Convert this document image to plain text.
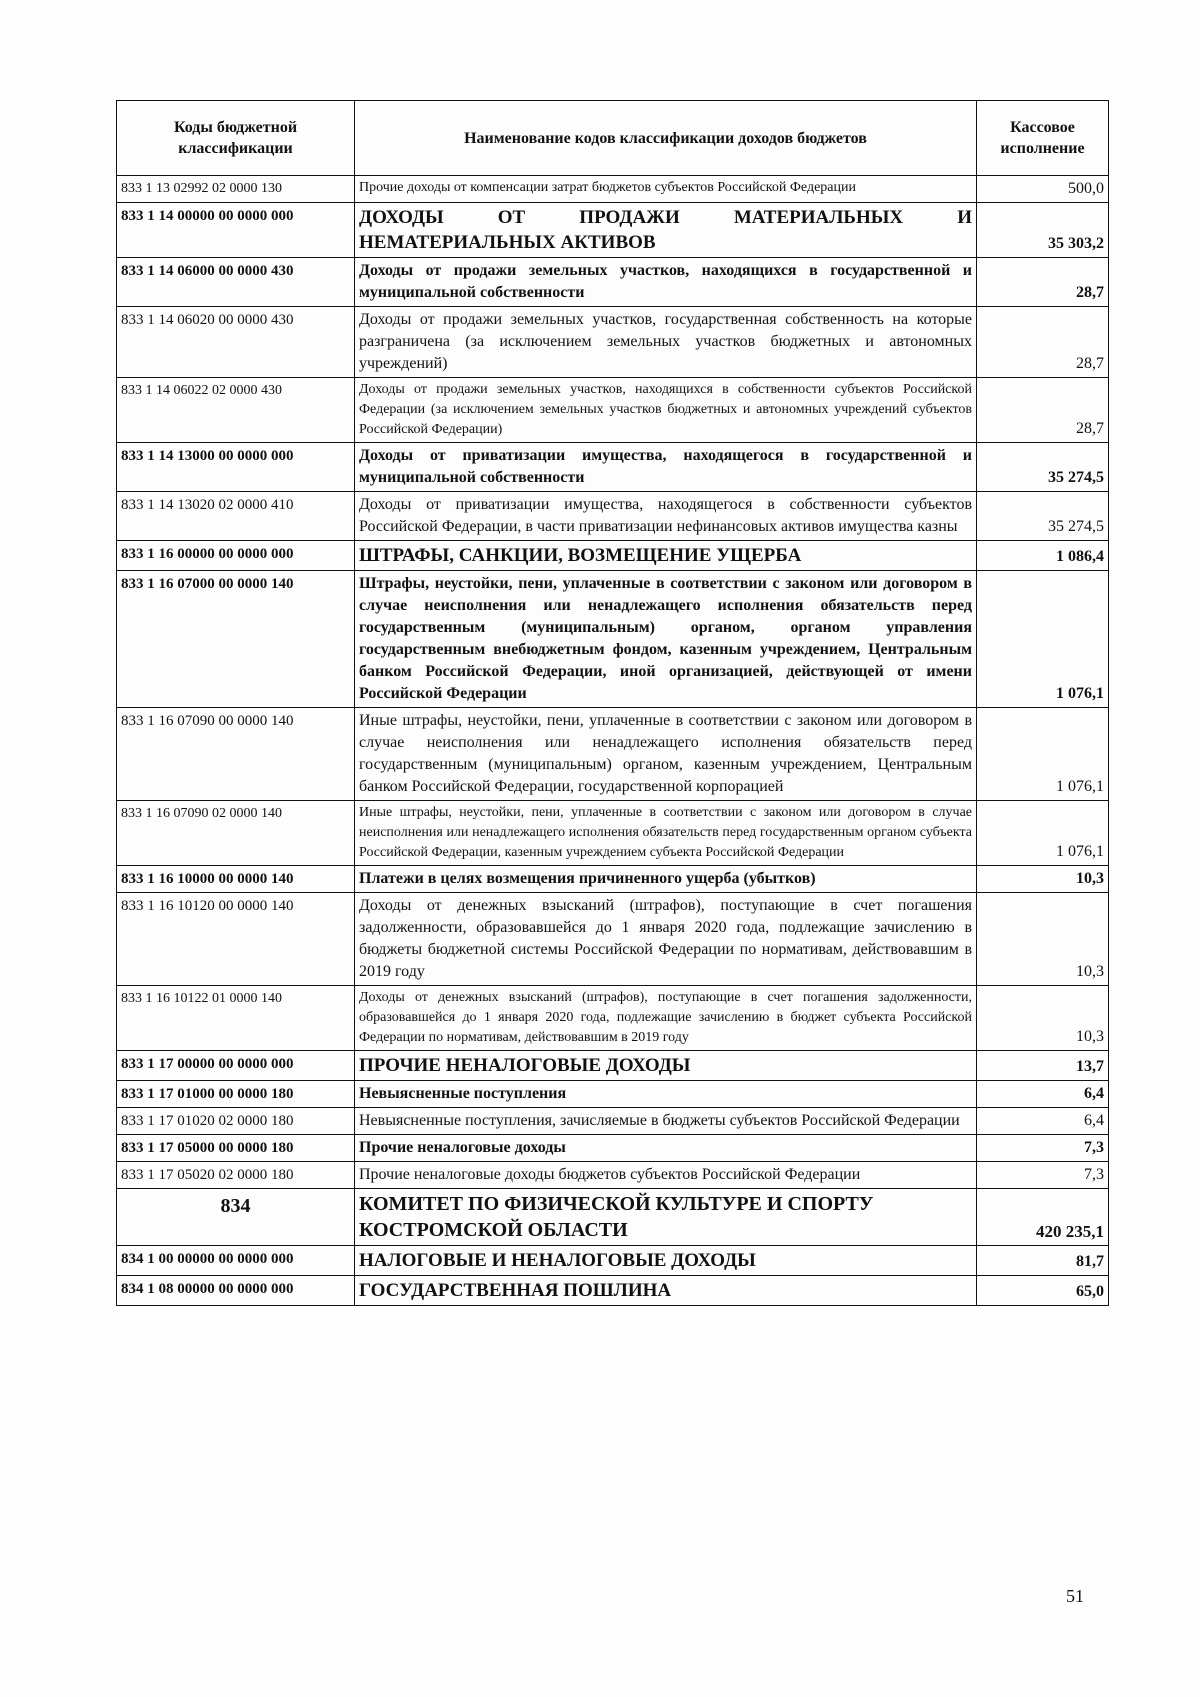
Коды бюджетной классификации	Наименование кодов классификации доходов бюджетов	Кассовое исполнение
833 1 13 02992 02 0000 130	Прочие доходы от компенсации затрат бюджетов субъектов Российской Федерации	500,0
833 1 14 00000 00 0000 000	ДОХОДЫ ОТ ПРОДАЖИ МАТЕРИАЛЬНЫХ И НЕМАТЕРИАЛЬНЫХ АКТИВОВ	35 303,2
833 1 14 06000 00 0000 430	Доходы от продажи земельных участков, находящихся в государственной и муниципальной собственности	28,7
833 1 14 06020 00 0000 430	Доходы от продажи земельных участков, государственная собственность на которые разграничена (за исключением земельных участков бюджетных и автономных учреждений)	28,7
833 1 14 06022 02 0000 430	Доходы от продажи земельных участков, находящихся в собственности субъектов Российской Федерации (за исключением земельных участков бюджетных и автономных учреждений субъектов Российской Федерации)	28,7
833 1 14 13000 00 0000 000	Доходы от приватизации имущества, находящегося в государственной и муниципальной собственности	35 274,5
833 1 14 13020 02 0000 410	Доходы от приватизации имущества, находящегося в собственности субъектов Российской Федерации, в части приватизации нефинансовых активов имущества казны	35 274,5
833 1 16 00000 00 0000 000	ШТРАФЫ, САНКЦИИ, ВОЗМЕЩЕНИЕ УЩЕРБА	1 086,4
833 1 16 07000 00 0000 140	Штрафы, неустойки, пени, уплаченные в соответствии с законом или договором в случае неисполнения или ненадлежащего исполнения обязательств перед государственным (муниципальным) органом, органом управления государственным внебюджетным фондом, казенным учреждением, Центральным банком Российской Федерации, иной организацией, действующей от имени Российской Федерации	1 076,1
833 1 16 07090 00 0000 140	Иные штрафы, неустойки, пени, уплаченные в соответствии с законом или договором в случае неисполнения или ненадлежащего исполнения обязательств перед государственным (муниципальным) органом, казенным учреждением, Центральным банком Российской Федерации, государственной корпорацией	1 076,1
833 1 16 07090 02 0000 140	Иные штрафы, неустойки, пени, уплаченные в соответствии с законом или договором в случае неисполнения или ненадлежащего исполнения обязательств перед государственным органом субъекта Российской Федерации, казенным учреждением субъекта Российской Федерации	1 076,1
833 1 16 10000 00 0000 140	Платежи в целях возмещения причиненного ущерба (убытков)	10,3
833 1 16 10120 00 0000 140	Доходы от денежных взысканий (штрафов), поступающие в счет погашения задолженности, образовавшейся до 1 января 2020 года, подлежащие зачислению в бюджеты бюджетной системы Российской Федерации по нормативам, действовавшим в 2019 году	10,3
833 1 16 10122 01 0000 140	Доходы от денежных взысканий (штрафов), поступающие в счет погашения задолженности, образовавшейся до 1 января 2020 года, подлежащие зачислению в бюджет субъекта Российской Федерации по нормативам, действовавшим в 2019 году	10,3
833 1 17 00000 00 0000 000	ПРОЧИЕ НЕНАЛОГОВЫЕ ДОХОДЫ	13,7
833 1 17 01000 00 0000 180	Невыясненные поступления	6,4
833 1 17 01020 02 0000 180	Невыясненные поступления, зачисляемые в бюджеты субъектов Российской Федерации	6,4
833 1 17 05000 00 0000 180	Прочие неналоговые доходы	7,3
833 1 17 05020 02 0000 180	Прочие неналоговые доходы бюджетов субъектов Российской Федерации	7,3
834	КОМИТЕТ ПО ФИЗИЧЕСКОЙ КУЛЬТУРЕ И СПОРТУ КОСТРОМСКОЙ ОБЛАСТИ	420 235,1
834 1 00 00000 00 0000 000	НАЛОГОВЫЕ И НЕНАЛОГОВЫЕ ДОХОДЫ	81,7
834 1 08 00000 00 0000 000	ГОСУДАРСТВЕННАЯ ПОШЛИНА	65,0
51
